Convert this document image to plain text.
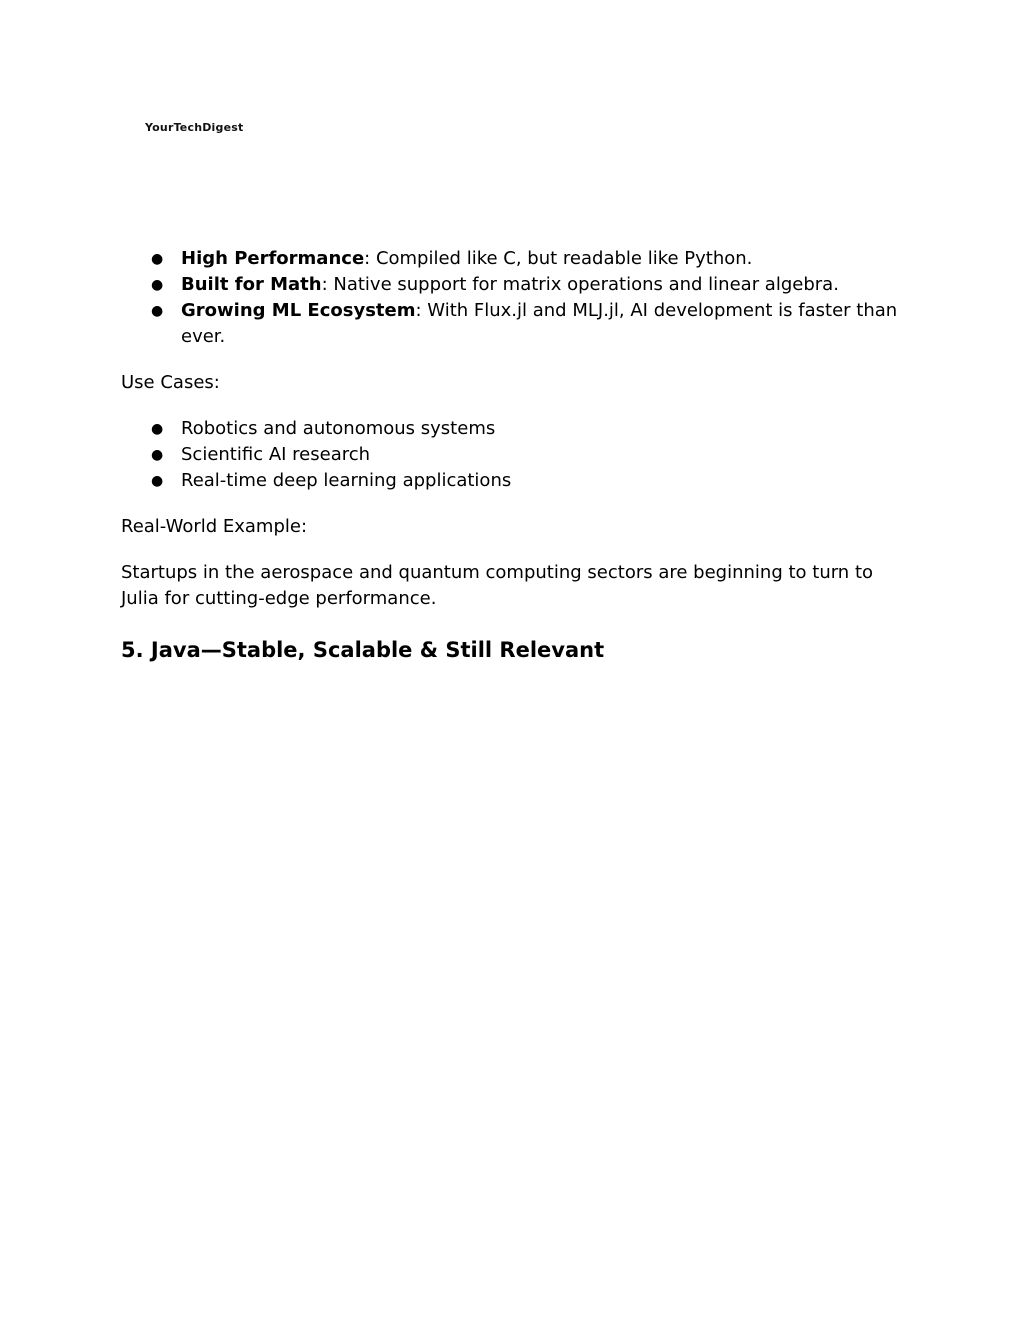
YourTechDigest
● High Performance: Compiled like C, but readable like Python.
● Built for Math: Native support for matrix operations and linear algebra.
● Growing ML Ecosystem: With Flux.jl and MLJ.jl, AI development is faster than ever.

Use Cases:

● Robotics and autonomous systems
● Scientific AI research
● Real-time deep learning applications

Real-World Example:

Startups in the aerospace and quantum computing sectors are beginning to turn to Julia for cutting-edge performance.

5. Java—Stable, Scalable & Still Relevant
